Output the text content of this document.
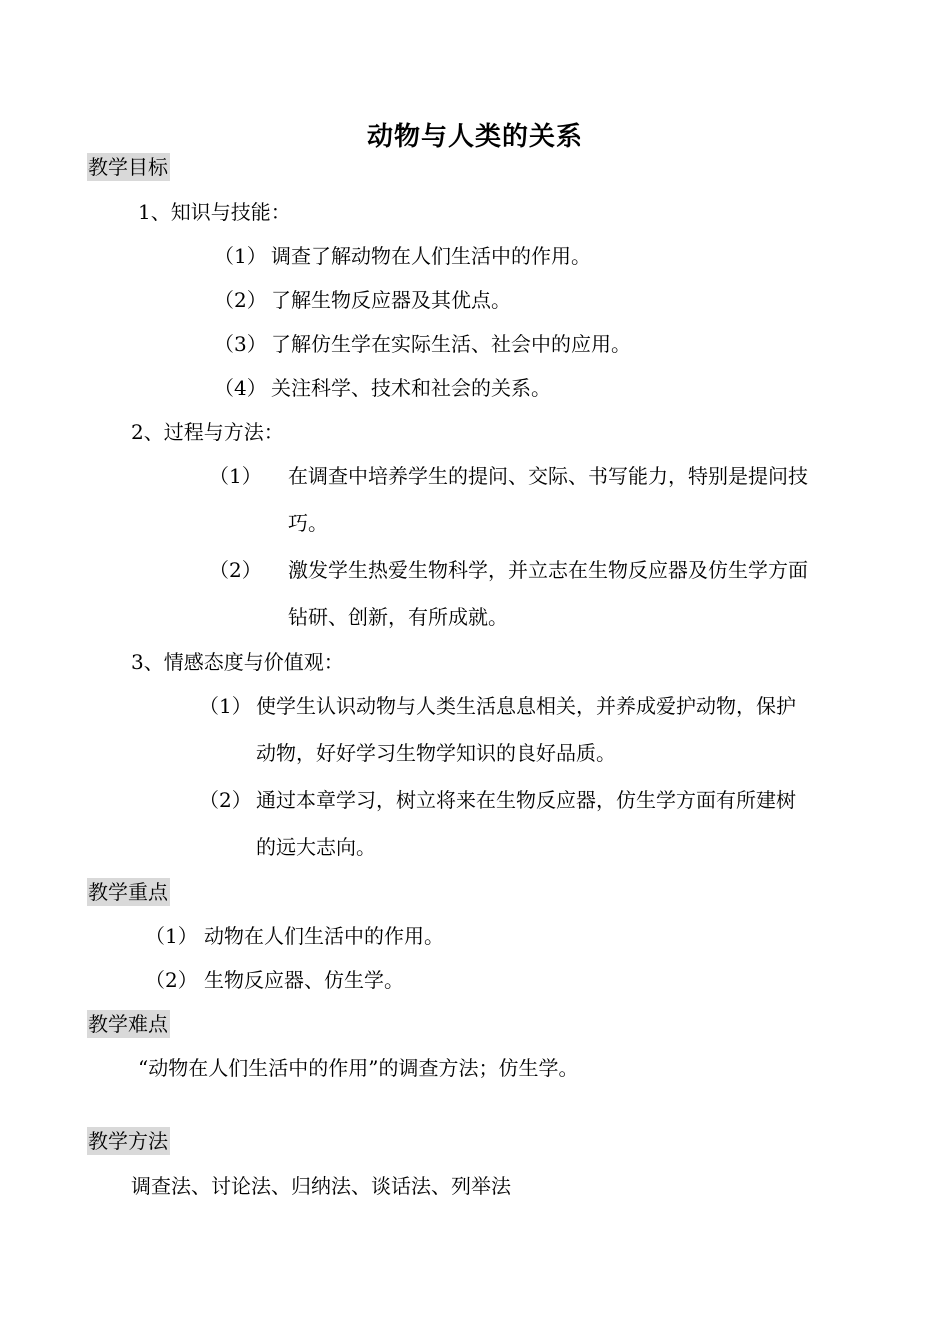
动物与人类的关系
教学目标
1、知识与技能：
（1） 调查了解动物在人们生活中的作用。
（2） 了解生物反应器及其优点。
（3） 了解仿生学在实际生活、社会中的应用。
（4） 关注科学、技术和社会的关系。
2、过程与方法：
（1） 在调查中培养学生的提问、交际、书写能力，特别是提问技
巧。
（2） 激发学生热爱生物科学，并立志在生物反应器及仿生学方面
钻研、创新，有所成就。
3、情感态度与价值观：
（1） 使学生认识动物与人类生活息息相关，并养成爱护动物，保护
动物，好好学习生物学知识的良好品质。
（2） 通过本章学习，树立将来在生物反应器，仿生学方面有所建树
的远大志向。
教学重点
（1） 动物在人们生活中的作用。
（2） 生物反应器、仿生学。
教学难点
“动物在人们生活中的作用”的调查方法；仿生学。
教学方法
调查法、讨论法、归纳法、谈话法、列举法
